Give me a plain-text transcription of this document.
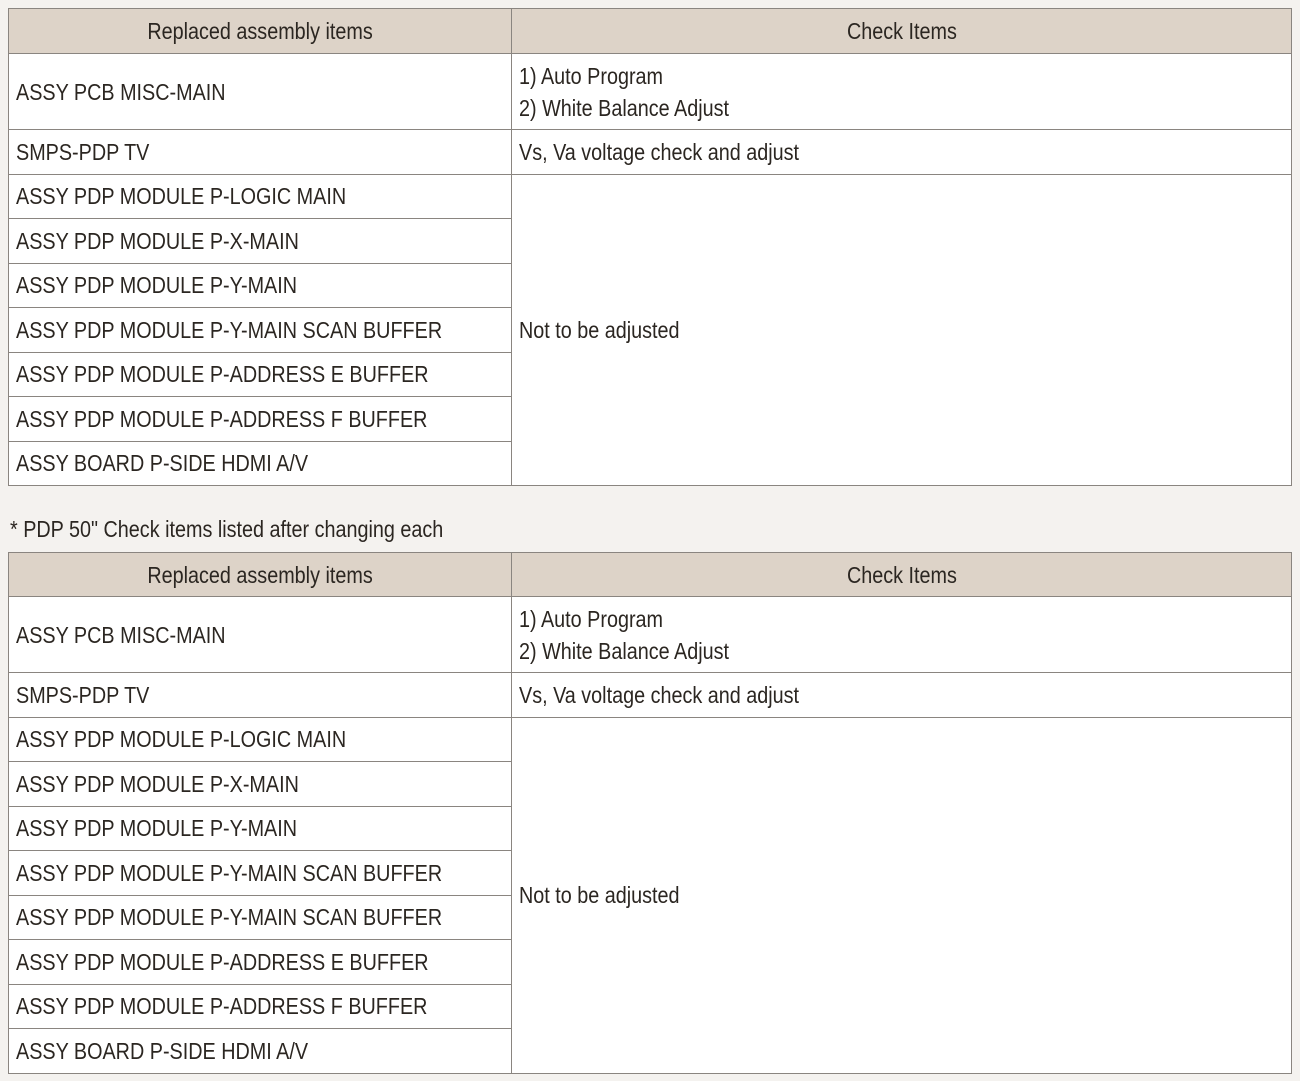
Replaced assembly items	Check Items
ASSY PCB MISC-MAIN	1) Auto Program
2) White Balance Adjust

SMPS-PDP TV	Vs, Va voltage check and adjust
ASSY PDP MODULE P-LOGIC MAIN	Not to be adjusted
ASSY PDP MODULE P-X-MAIN	
ASSY PDP MODULE P-Y-MAIN	
ASSY PDP MODULE P-Y-MAIN SCAN BUFFER	
ASSY PDP MODULE P-ADDRESS E BUFFER	
ASSY PDP MODULE P-ADDRESS F BUFFER	
ASSY BOARD P-SIDE HDMI A/V	
* PDP 50" Check items listed after changing each
Replaced assembly items	Check Items
ASSY PCB MISC-MAIN	1) Auto Program
2) White Balance Adjust

SMPS-PDP TV	Vs, Va voltage check and adjust
ASSY PDP MODULE P-LOGIC MAIN	Not to be adjusted
ASSY PDP MODULE P-X-MAIN	
ASSY PDP MODULE P-Y-MAIN	
ASSY PDP MODULE P-Y-MAIN SCAN BUFFER	
ASSY PDP MODULE P-Y-MAIN SCAN BUFFER	
ASSY PDP MODULE P-ADDRESS E BUFFER	
ASSY PDP MODULE P-ADDRESS F BUFFER	
ASSY BOARD P-SIDE HDMI A/V	
